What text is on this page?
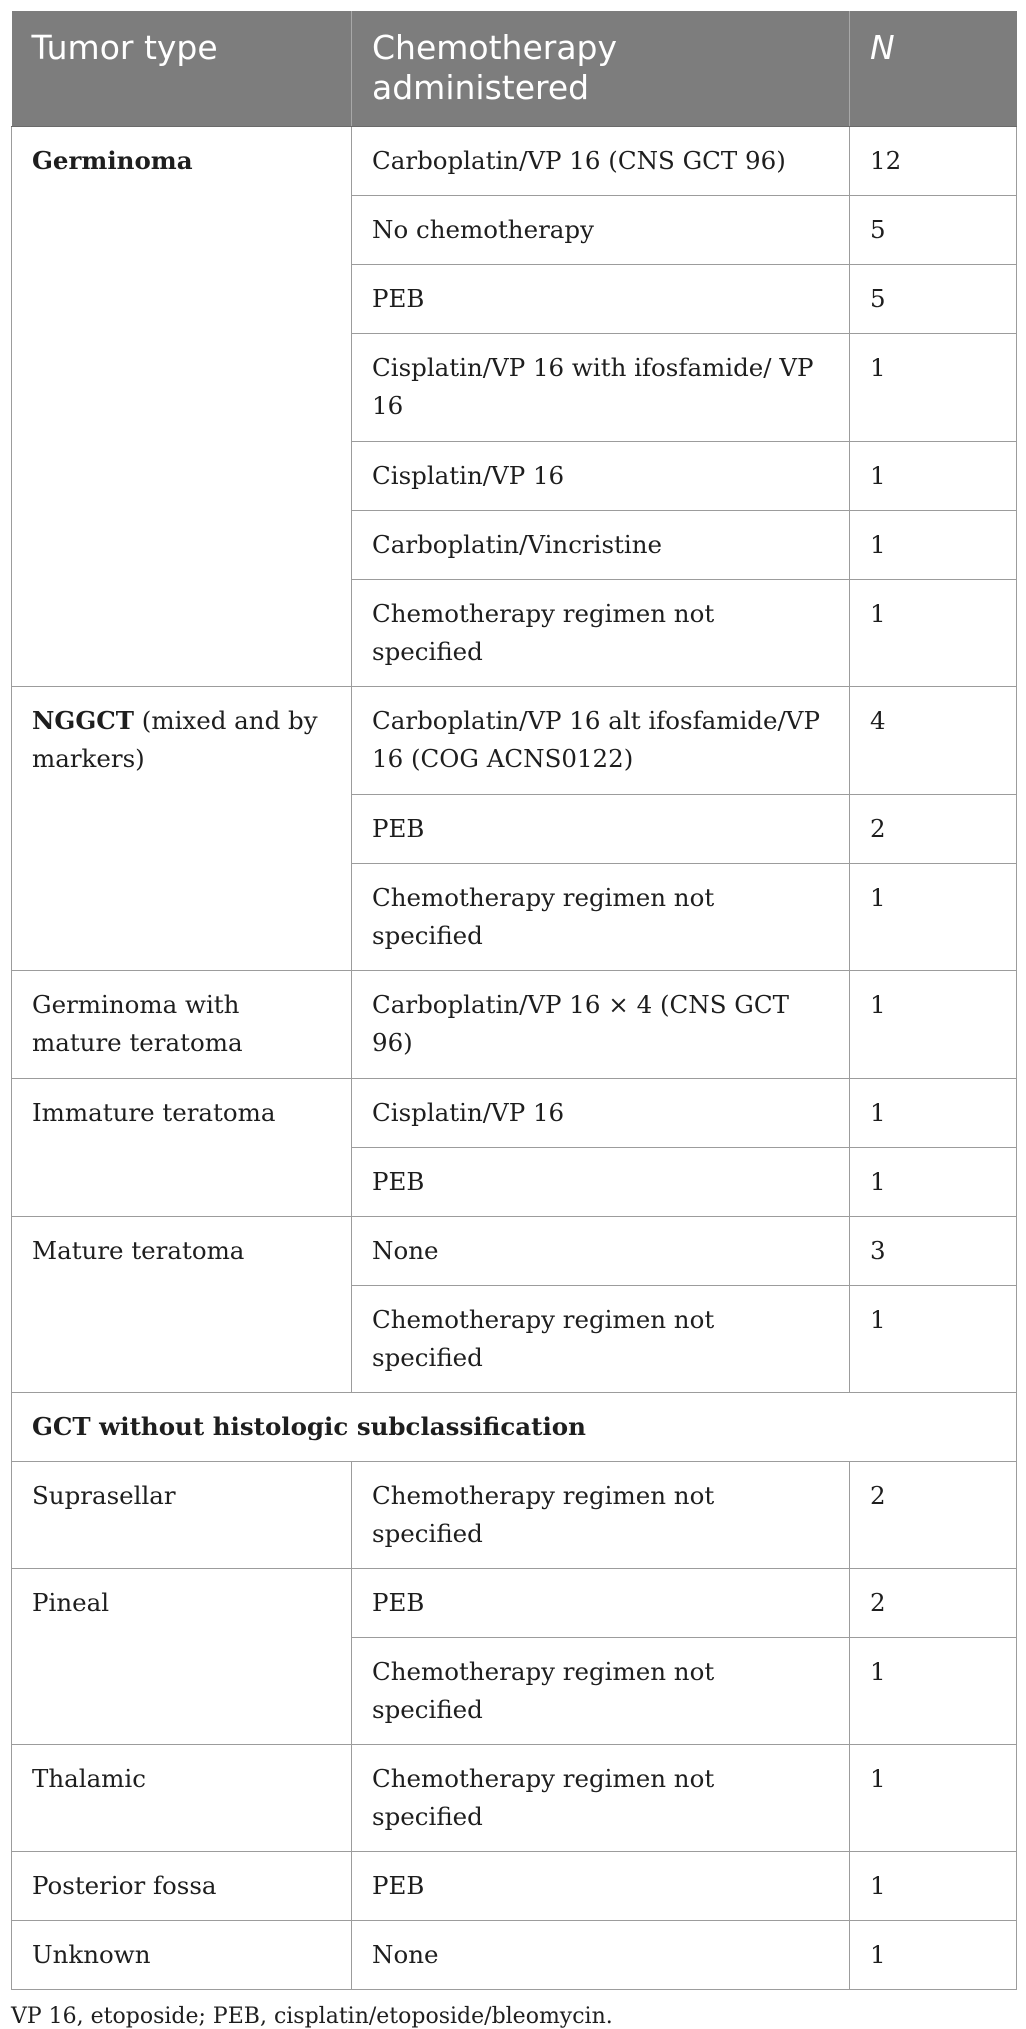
Tumor type	Chemotherapy administered	N
Germinoma	Carboplatin/VP 16 (CNS GCT 96)	12
	No chemotherapy	5
	PEB	5
	Cisplatin/VP 16 with ifosfamide/ VP 16	1
	Cisplatin/VP 16	1
	Carboplatin/Vincristine	1
	Chemotherapy regimen not specified	1
NGGCT (mixed and by markers)	Carboplatin/VP 16 alt ifosfamide/VP 16 (COG ACNS0122)	4
	PEB	2
	Chemotherapy regimen not specified	1
Germinoma with mature teratoma	Carboplatin/VP 16 × 4 (CNS GCT 96)	1
Immature teratoma	Cisplatin/VP 16	1
	PEB	1
Mature teratoma	None	3
	Chemotherapy regimen not specified	1
GCT without histologic subclassification		
Suprasellar	Chemotherapy regimen not specified	2
Pineal	PEB	2
	Chemotherapy regimen not specified	1
Thalamic	Chemotherapy regimen not specified	1
Posterior fossa	PEB	1
Unknown	None	1
VP 16, etoposide; PEB, cisplatin/etoposide/bleomycin.
